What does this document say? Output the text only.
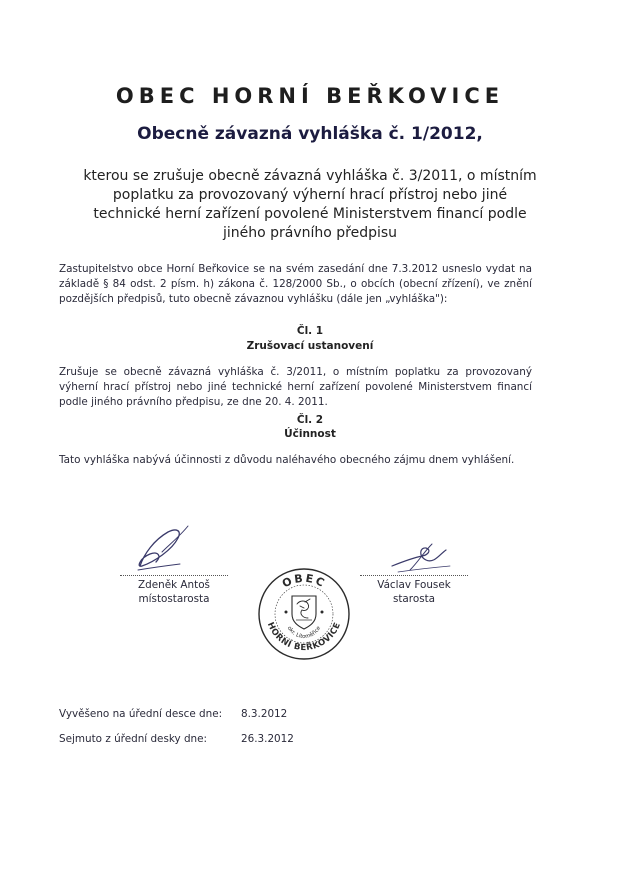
OBEC HORNÍ BEŘKOVICE
Obecně závazná vyhláška č. 1/2012,
kterou se zrušuje obecně závazná vyhláška č. 3/2011, o místním poplatku za provozovaný výherní hrací přístroj nebo jiné technické herní zařízení povolené Ministerstvem financí podle jiného právního předpisu
Zastupitelstvo obce Horní Beřkovice se na svém zasedání dne 7.3.2012 usneslo vydat na základě § 84 odst. 2 písm. h) zákona č. 128/2000 Sb., o obcích (obecní zřízení), ve znění pozdějších předpisů, tuto obecně závaznou vyhlášku (dále jen „vyhláška"):
Čl. 1
Zrušovací ustanovení
Zrušuje se obecně závazná vyhláška č. 3/2011, o místním poplatku za provozovaný výherní hrací přístroj nebo jiné technické herní zařízení povolené Ministerstvem financí podle jiného právního předpisu, ze dne 20. 4. 2011.
Čl. 2
Účinnost
Tato vyhláška nabývá účinnosti z důvodu naléhavého obecného zájmu dnem vyhlášení.
Zdeněk Antoš
místostarosta
Václav Fousek
starosta
OBEC
HORNÍ BEŘKOVICE
okr. Litoměřice
Vyvěšeno na úřední desce dne: 8.3.2012
Sejmuto z úřední desky dne:	26.3.2012
